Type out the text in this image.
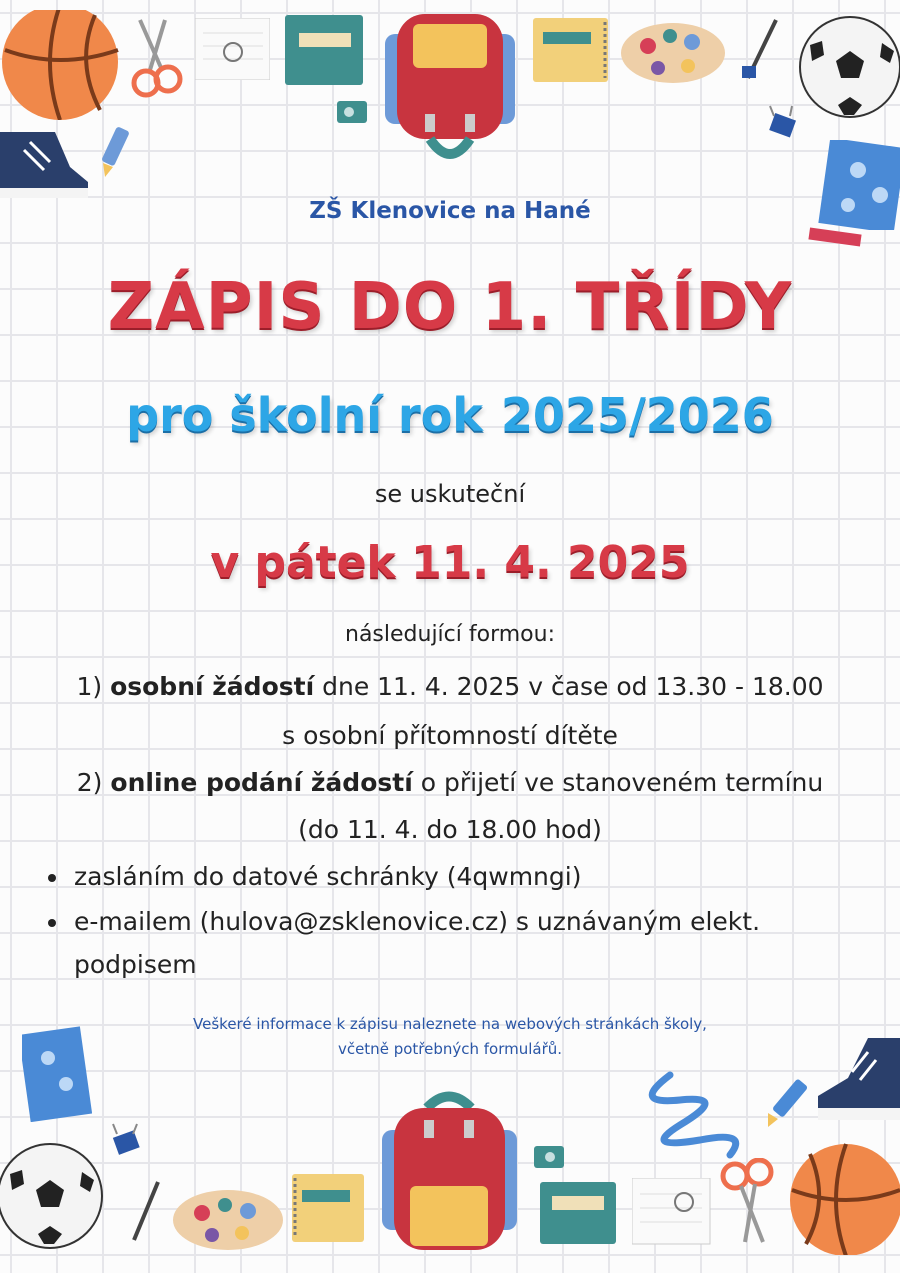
ZŠ Klenovice na Hané
ZÁPIS DO 1. TŘÍDY
pro školní rok 2025/2026
se uskuteční
v pátek 11. 4. 2025
následující formou:
1) osobní žádostí dne 11. 4. 2025 v čase od 13.30 - 18.00
s osobní přítomností dítěte
2) online podání žádostí o přijetí ve stanoveném termínu
(do 11. 4. do 18.00 hod)
zasláním do datové schránky (4qwmngi)
e-mailem (hulova@zsklenovice.cz) s uznávaným elekt.
podpisem
Veškeré informace k zápisu naleznete na webových stránkách školy,
včetně potřebných formulářů.
